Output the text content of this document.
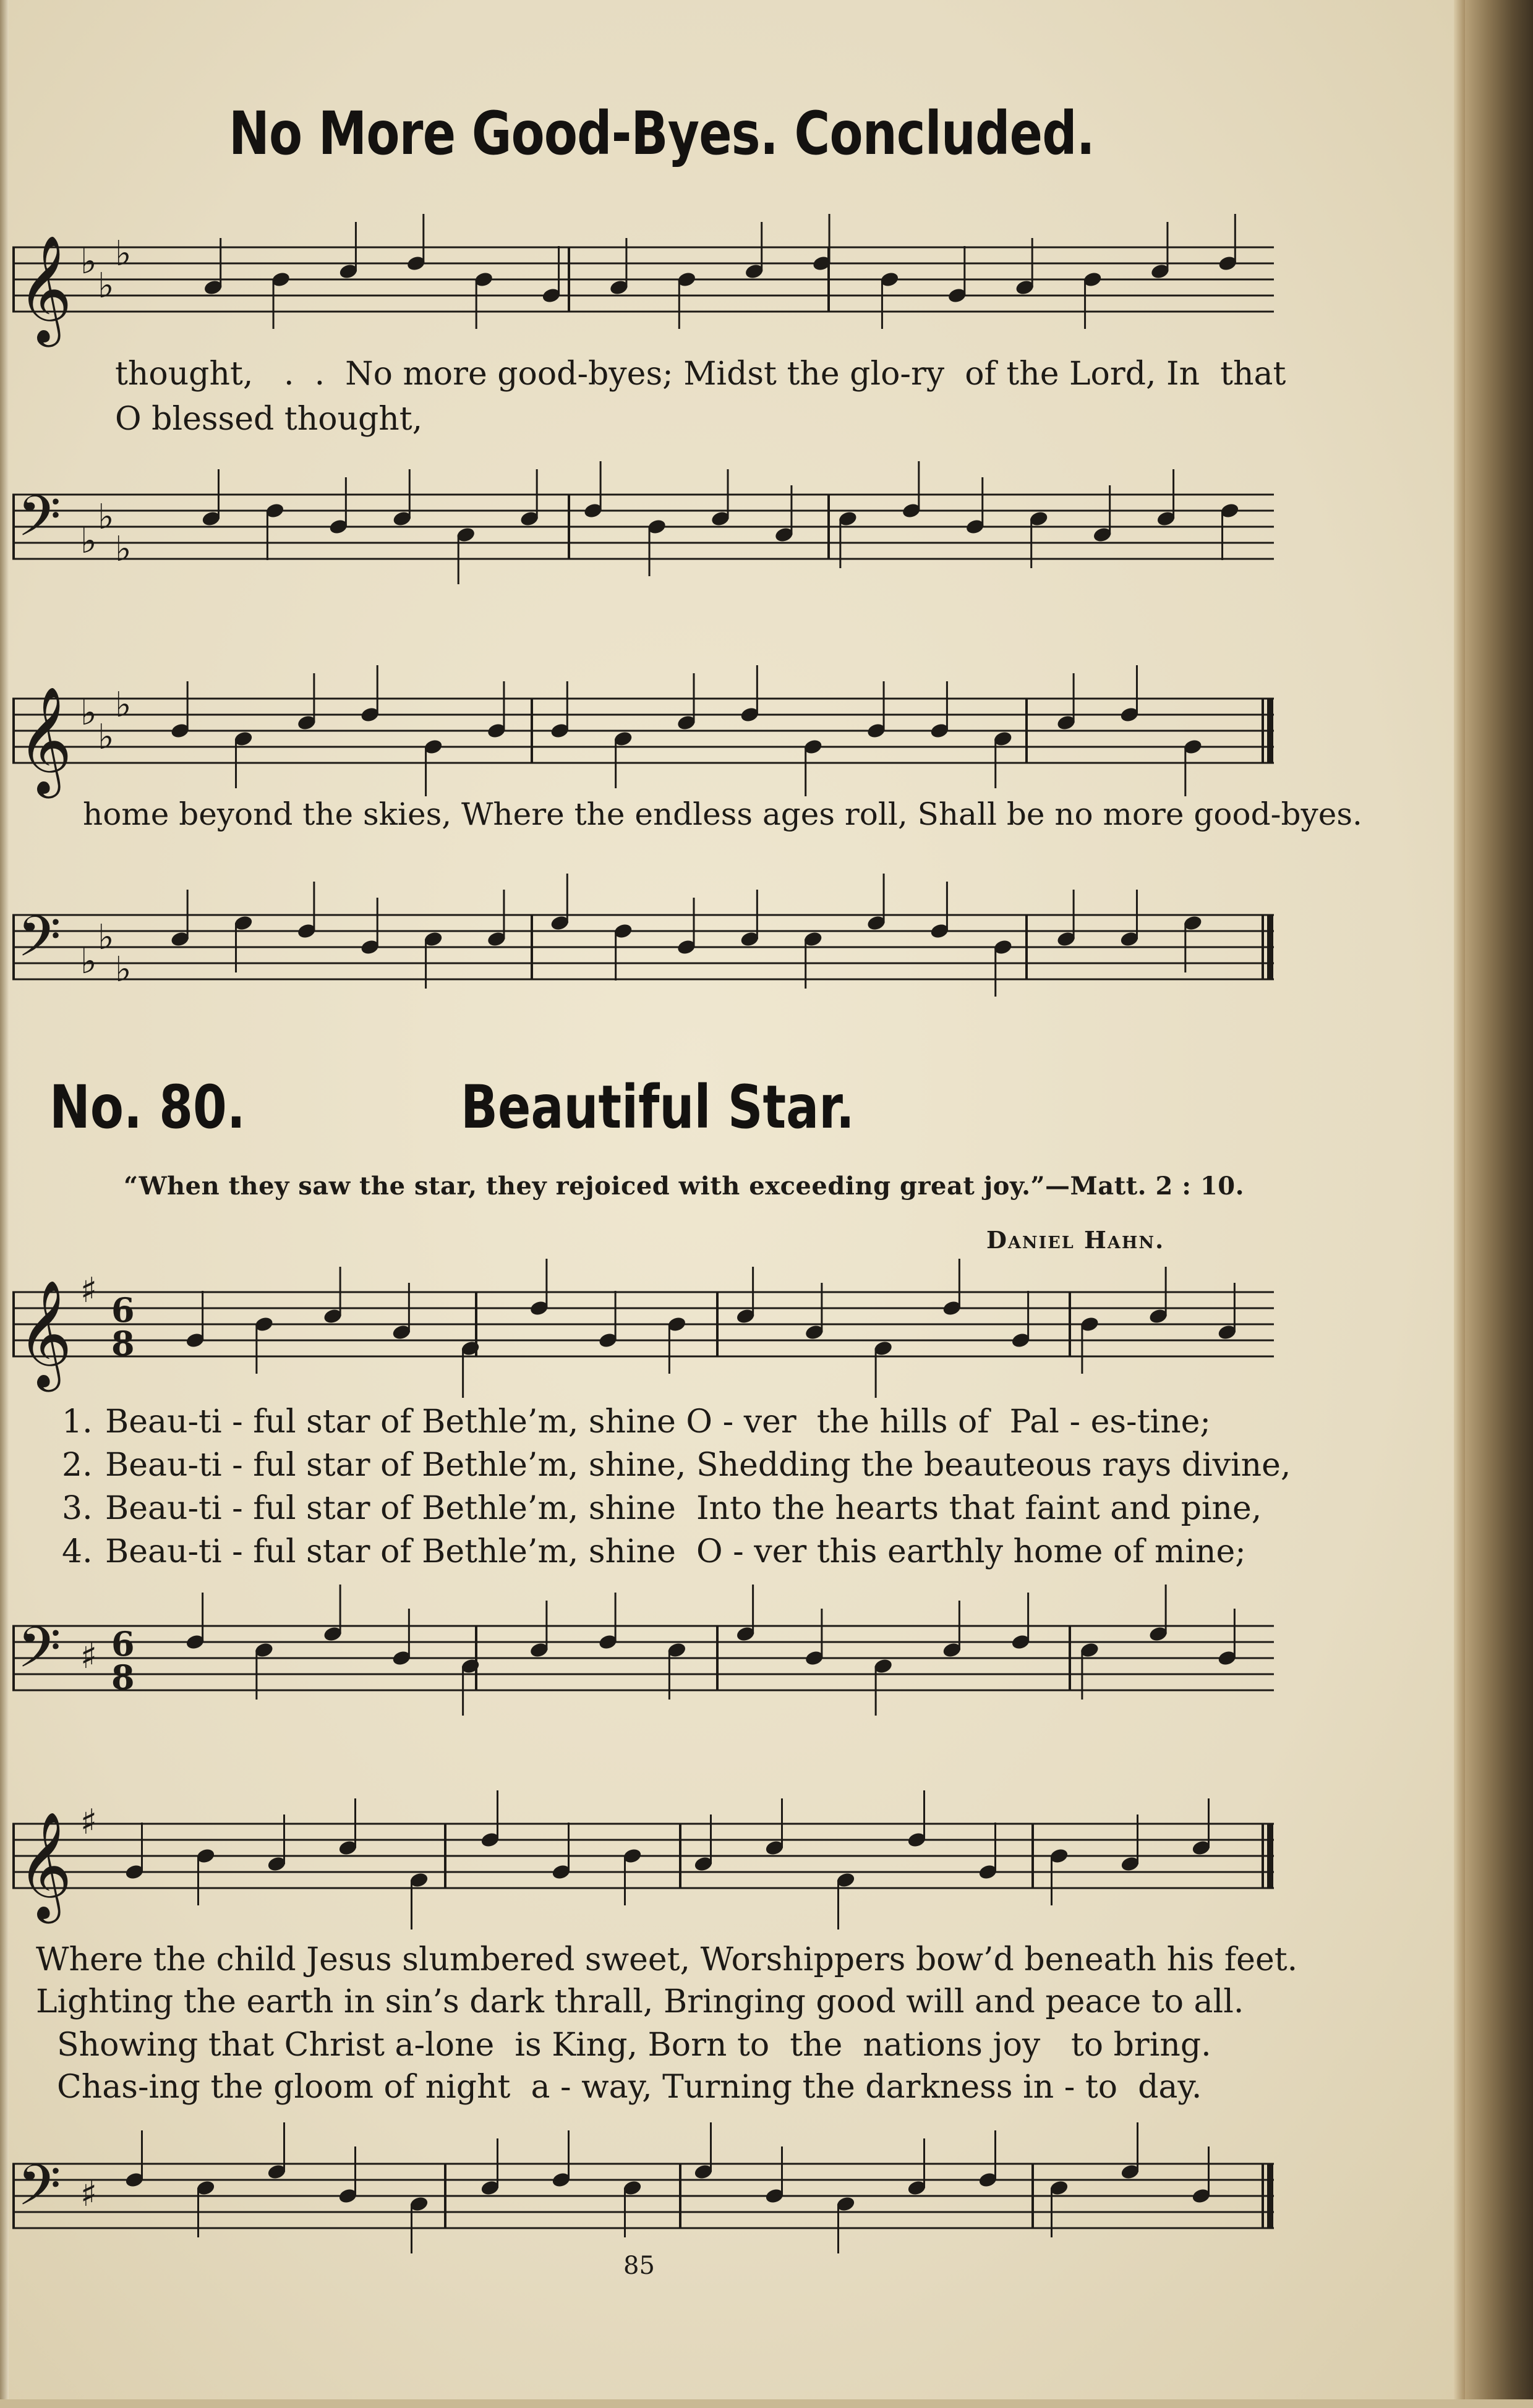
No More Good-Byes. Concluded.
𝄞 ♭
♭
♭
thought,   .  .  No more good-byes; Midst the glo-ry  of the Lord, In  that
O blessed thought,
𝄢 ♭
♭
♭
𝄞 ♭
♭
♭
home beyond the skies, Where the endless ages roll, Shall be no more good-byes.
𝄢 ♭
♭
♭
No. 80.	Beautiful Star.
“When they saw the star, they rejoiced with exceeding great joy.”—Matt. 2 : 10.
Daniel Hahn.
𝄞 ♯ 6
8
1. Beau-ti - ful star of Bethle’m, shine O - ver  the hills of  Pal - es-tine;
2. Beau-ti - ful star of Bethle’m, shine, Shedding the beauteous rays divine,
3. Beau-ti - ful star of Bethle’m, shine  Into the hearts that faint and pine,
4. Beau-ti - ful star of Bethle’m, shine  O - ver this earthly home of mine;
𝄢 ♯ 6
8
𝄞 ♯
Where the child Jesus slumbered sweet, Worshippers bow’d beneath his feet.
Lighting the earth in sin’s dark thrall, Bringing good will and peace to all.
Showing that Christ a-lone  is King, Born to  the  nations joy   to bring.
Chas-ing the gloom of night  a - way, Turning the darkness in - to  day.
𝄢 ♯
85
